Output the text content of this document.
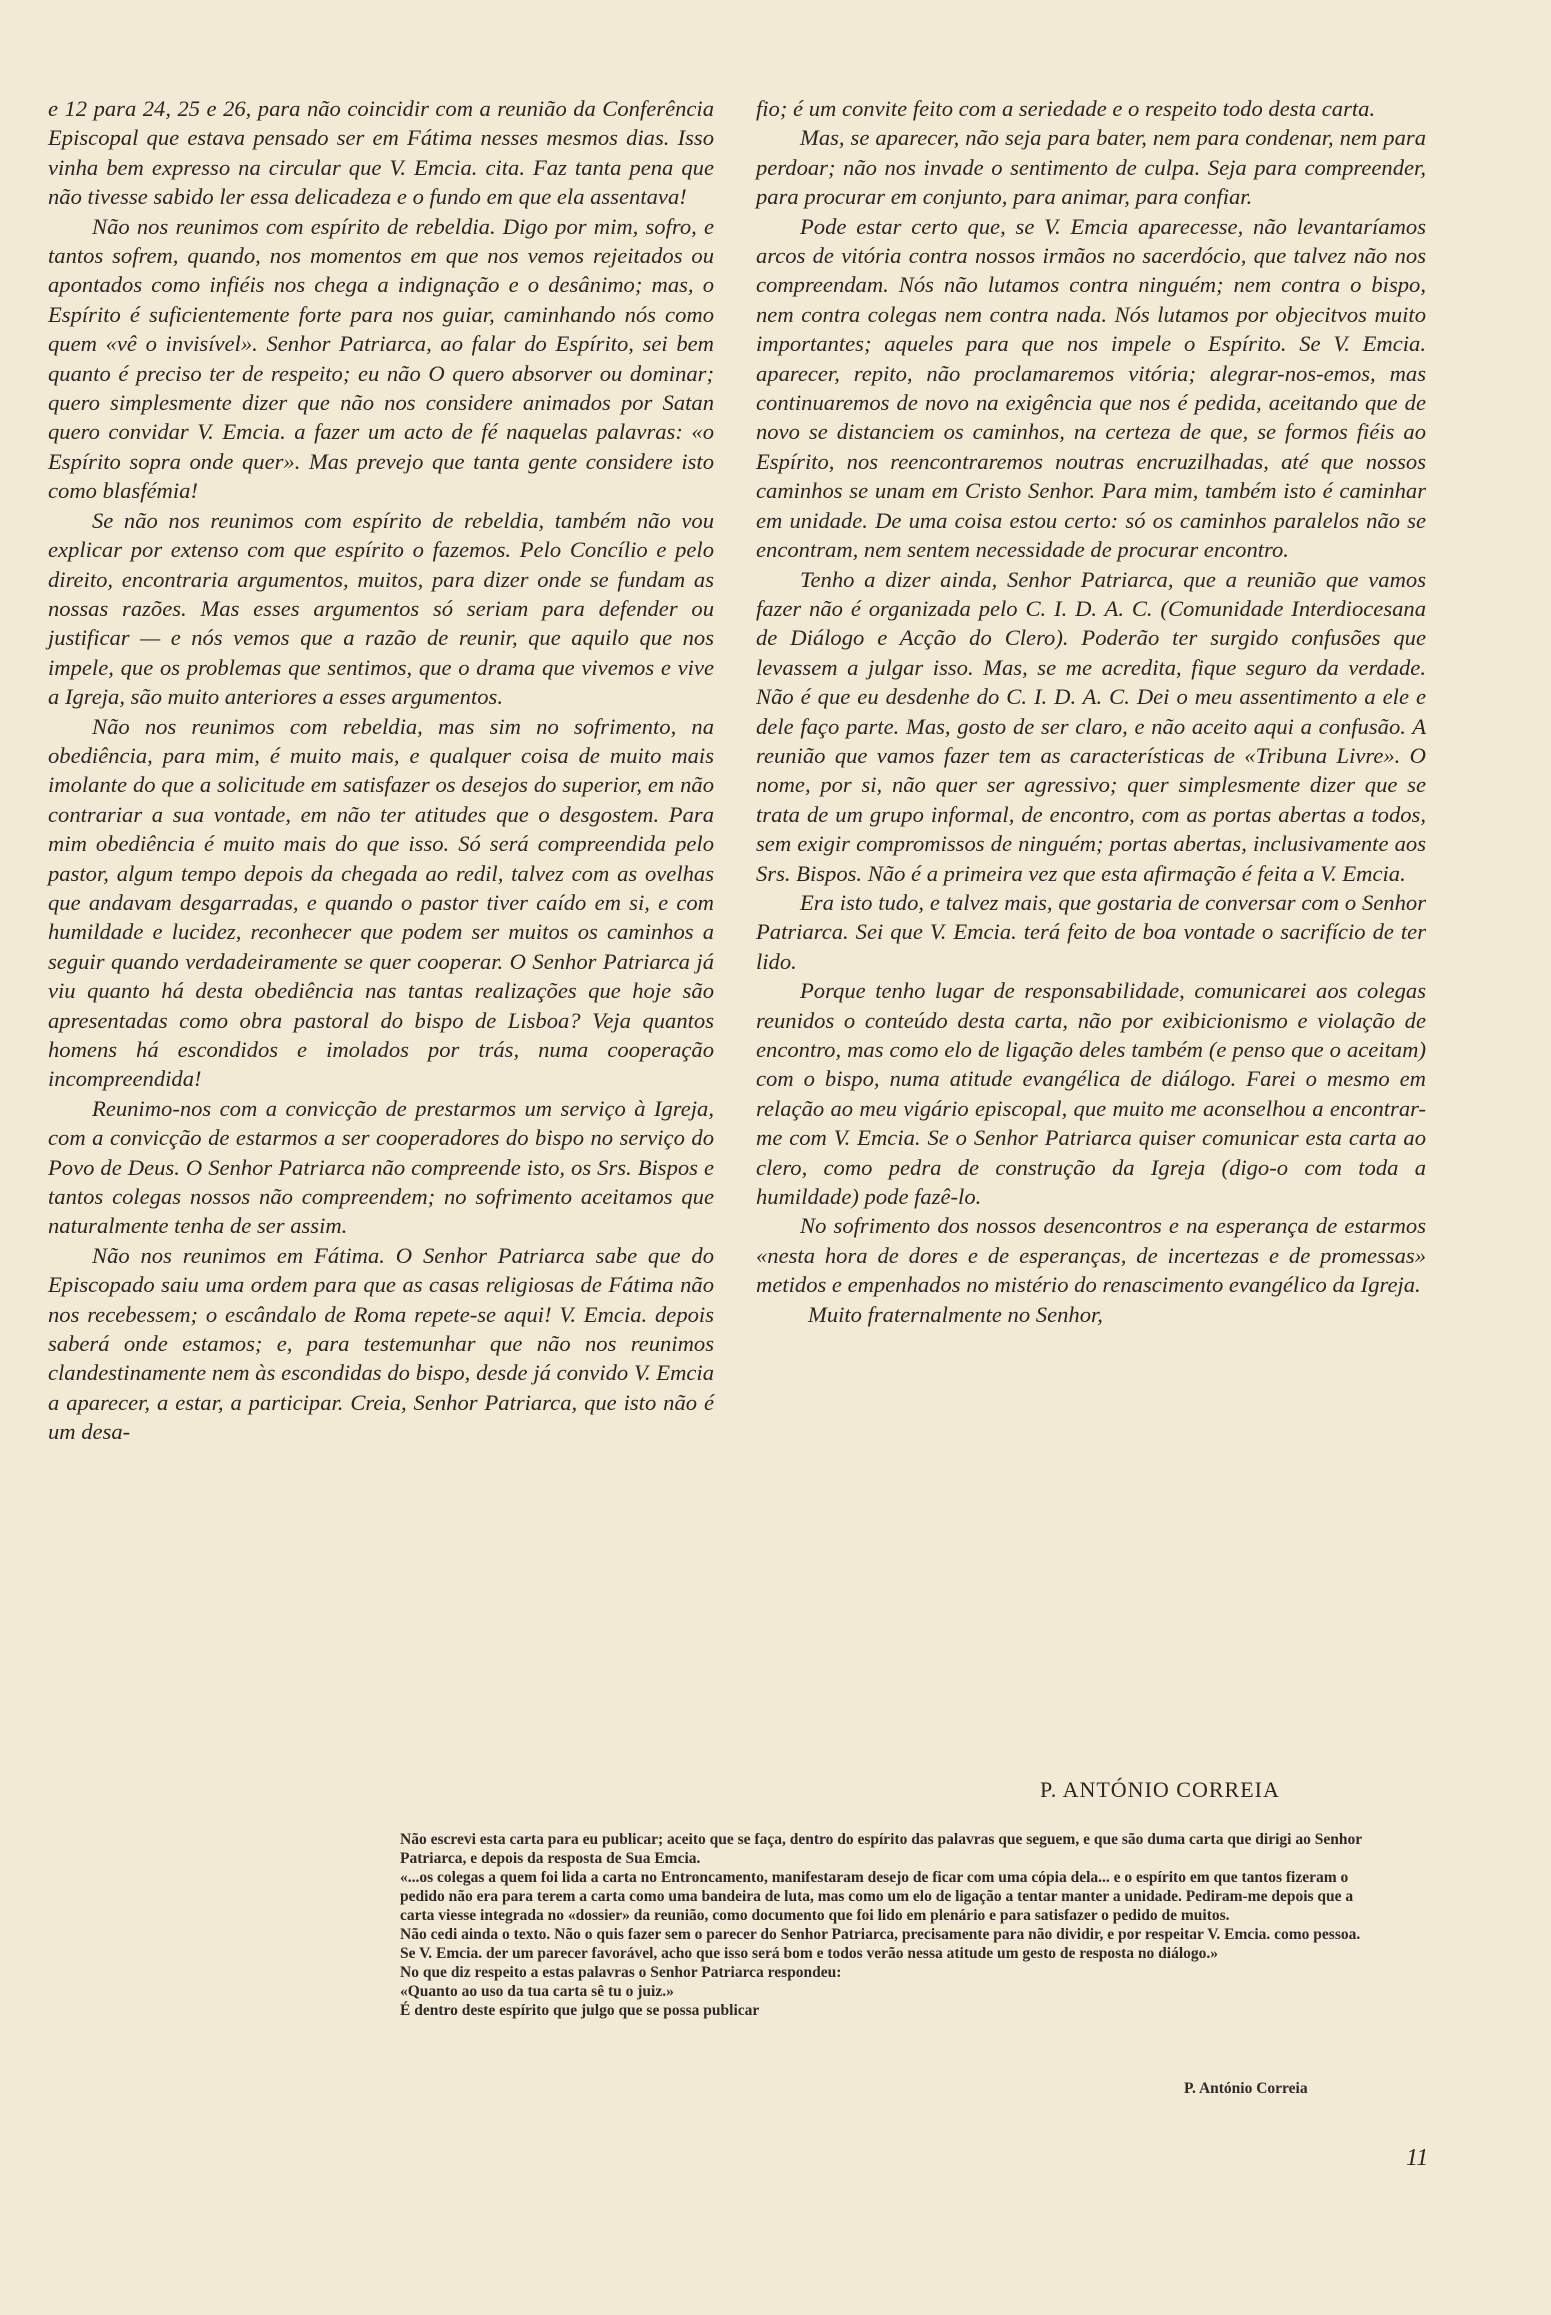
e 12 para 24, 25 e 26, para não coincidir com a reunião da Conferência Episcopal que estava pensado ser em Fátima nesses mesmos dias. Isso vinha bem expresso na circular que V. Emcia. cita. Faz tanta pena que não tivesse sabido ler essa delicadeza e o fundo em que ela assentava!

Não nos reunimos com espírito de rebeldia. Digo por mim, sofro, e tantos sofrem, quando, nos momentos em que nos vemos rejeitados ou apontados como infiéis nos chega a indignação e o desânimo; mas, o Espírito é suficientemente forte para nos guiar, caminhando nós como quem «vê o invisível». Senhor Patriarca, ao falar do Espírito, sei bem quanto é preciso ter de respeito; eu não O quero absorver ou dominar; quero simplesmente dizer que não nos considere animados por Satan quero convidar V. Emcia. a fazer um acto de fé naquelas palavras: «o Espírito sopra onde quer». Mas prevejo que tanta gente considere isto como blasfémia!

Se não nos reunimos com espírito de rebeldia, também não vou explicar por extenso com que espírito o fazemos. Pelo Concílio e pelo direito, encontraria argumentos, muitos, para dizer onde se fundam as nossas razões. Mas esses argumentos só seriam para defender ou justificar — e nós vemos que a razão de reunir, que aquilo que nos impele, que os problemas que sentimos, que o drama que vivemos e vive a Igreja, são muito anteriores a esses argumentos.

Não nos reunimos com rebeldia, mas sim no sofrimento, na obediência, para mim, é muito mais, e qualquer coisa de muito mais imolante do que a solicitude em satisfazer os desejos do superior, em não contrariar a sua vontade, em não ter atitudes que o desgostem. Para mim obediência é muito mais do que isso. Só será compreendida pelo pastor, algum tempo depois da chegada ao redil, talvez com as ovelhas que andavam desgarradas, e quando o pastor tiver caído em si, e com humildade e lucidez, reconhecer que podem ser muitos os caminhos a seguir quando verdadeiramente se quer cooperar. O Senhor Patriarca já viu quanto há desta obediência nas tantas realizações que hoje são apresentadas como obra pastoral do bispo de Lisboa? Veja quantos homens há escondidos e imolados por trás, numa cooperação incompreendida!

Reunimo-nos com a convicção de prestarmos um serviço à Igreja, com a convicção de estarmos a ser cooperadores do bispo no serviço do Povo de Deus. O Senhor Patriarca não compreende isto, os Srs. Bispos e tantos colegas nossos não compreendem; no sofrimento aceitamos que naturalmente tenha de ser assim.

Não nos reunimos em Fátima. O Senhor Patriarca sabe que do Episcopado saiu uma ordem para que as casas religiosas de Fátima não nos recebessem; o escândalo de Roma repete-se aqui! V. Emcia. depois saberá onde estamos; e, para testemunhar que não nos reunimos clandestinamente nem às escondidas do bispo, desde já convido V. Emcia a aparecer, a estar, a participar. Creia, Senhor Patriarca, que isto não é um desa-

fio; é um convite feito com a seriedade e o respeito todo desta carta.

Mas, se aparecer, não seja para bater, nem para condenar, nem para perdoar; não nos invade o sentimento de culpa. Seja para compreender, para procurar em conjunto, para animar, para confiar.

Pode estar certo que, se V. Emcia aparecesse, não levantaríamos arcos de vitória contra nossos irmãos no sacerdócio, que talvez não nos compreendam. Nós não lutamos contra ninguém; nem contra o bispo, nem contra colegas nem contra nada. Nós lutamos por objecitvos muito importantes; aqueles para que nos impele o Espírito. Se V. Emcia. aparecer, repito, não proclamaremos vitória; alegrar-nos-emos, mas continuaremos de novo na exigência que nos é pedida, aceitando que de novo se distanciem os caminhos, na certeza de que, se formos fiéis ao Espírito, nos reencontraremos noutras encruzilhadas, até que nossos caminhos se unam em Cristo Senhor. Para mim, também isto é caminhar em unidade. De uma coisa estou certo: só os caminhos paralelos não se encontram, nem sentem necessidade de procurar encontro.

Tenho a dizer ainda, Senhor Patriarca, que a reunião que vamos fazer não é organizada pelo C. I. D. A. C. (Comunidade Interdiocesana de Diálogo e Acção do Clero). Poderão ter surgido confusões que levassem a julgar isso. Mas, se me acredita, fique seguro da verdade. Não é que eu desdenhe do C. I. D. A. C. Dei o meu assentimento a ele e dele faço parte. Mas, gosto de ser claro, e não aceito aqui a confusão. A reunião que vamos fazer tem as características de «Tribuna Livre». O nome, por si, não quer ser agressivo; quer simplesmente dizer que se trata de um grupo informal, de encontro, com as portas abertas a todos, sem exigir compromissos de ninguém; portas abertas, inclusivamente aos Srs. Bispos. Não é a primeira vez que esta afirmação é feita a V. Emcia.

Era isto tudo, e talvez mais, que gostaria de conversar com o Senhor Patriarca. Sei que V. Emcia. terá feito de boa vontade o sacrifício de ter lido.

Porque tenho lugar de responsabilidade, comunicarei aos colegas reunidos o conteúdo desta carta, não por exibicionismo e violação de encontro, mas como elo de ligação deles também (e penso que o aceitam) com o bispo, numa atitude evangélica de diálogo. Farei o mesmo em relação ao meu vigário episcopal, que muito me aconselhou a encontrar-me com V. Emcia. Se o Senhor Patriarca quiser comunicar esta carta ao clero, como pedra de construção da Igreja (digo-o com toda a humildade) pode fazê-lo.

No sofrimento dos nossos desencontros e na esperança de estarmos «nesta hora de dores e de esperanças, de incertezas e de promessas» metidos e empenhados no mistério do renascimento evangélico da Igreja.

Muito fraternalmente no Senhor,

P. ANTÓNIO CORREIA

Não escrevi esta carta para eu publicar; aceito que se faça, dentro do espírito das palavras que seguem, e que são duma carta que dirigi ao Senhor Patriarca, e depois da resposta de Sua Emcia.

«...os colegas a quem foi lida a carta no Entroncamento, manifestaram desejo de ficar com uma cópia dela... e o espírito em que tantos fizeram o pedido não era para terem a carta como uma bandeira de luta, mas como um elo de ligação a tentar manter a unidade. Pediram-me depois que a carta viesse integrada no «dossier» da reunião, como documento que foi lido em plenário e para satisfazer o pedido de muitos.

Não cedi ainda o texto. Não o quis fazer sem o parecer do Senhor Patriarca, precisamente para não dividir, e por respeitar V. Emcia. como pessoa.

Se V. Emcia. der um parecer favorável, acho que isso será bom e todos verão nessa atitude um gesto de resposta no diálogo.»

No que diz respeito a estas palavras o Senhor Patriarca respondeu:

«Quanto ao uso da tua carta sê tu o juiz.»

É dentro deste espírito que julgo que se possa publicar

P. António Correia
11
